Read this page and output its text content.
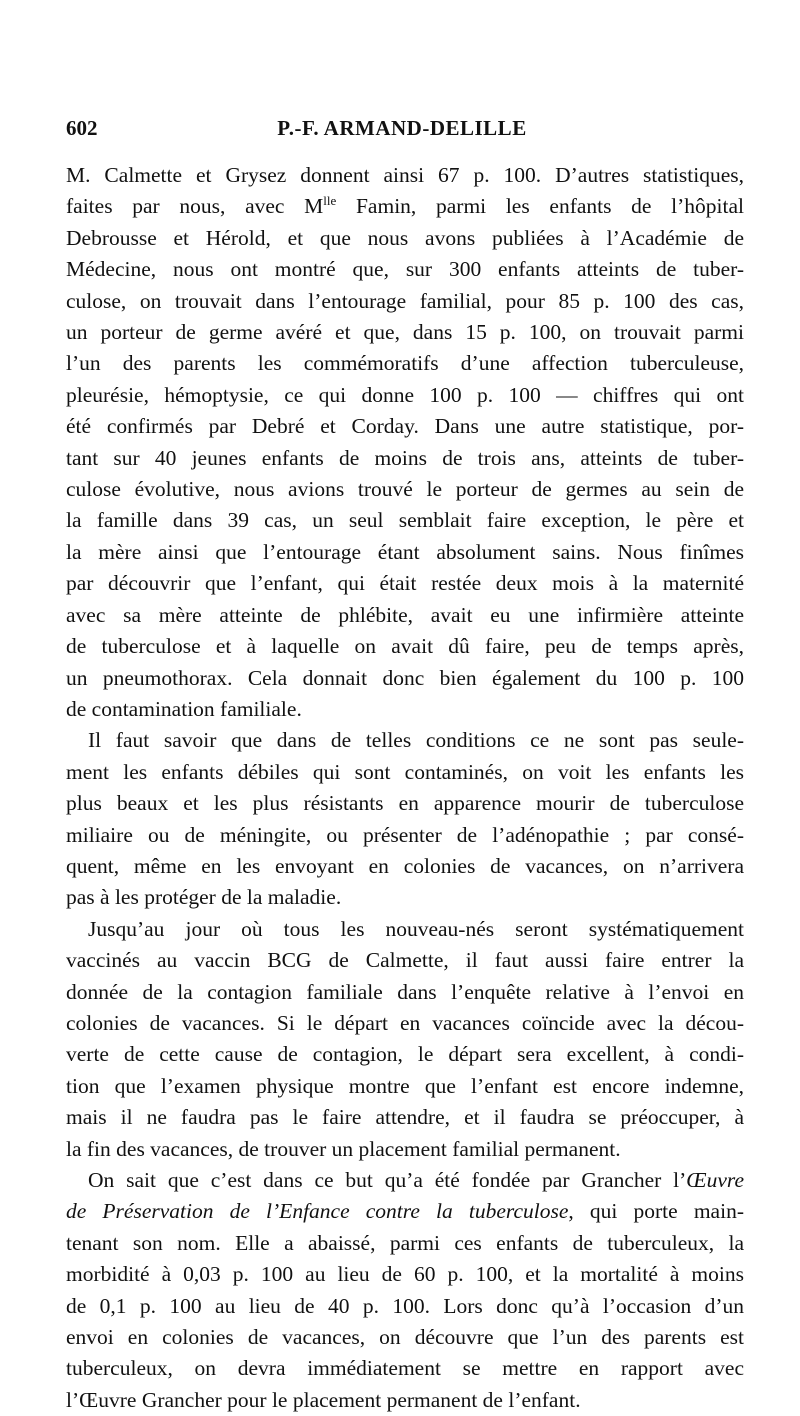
602	P.-F. ARMAND-DELILLE
M. Calmette et Grysez donnent ainsi 67 p. 100. D’autres statistiques,
faites par nous, avec $M^{lle}$ Famin, parmi les enfants de l’hôpital
Debrousse et Hérold, et que nous avons publiées à l’Académie de
Médecine, nous ont montré que, sur 300 enfants atteints de tuber-
culose, on trouvait dans l’entourage familial, pour 85 p. 100 des cas,
un porteur de germe avéré et que, dans 15 p. 100, on trouvait parmi
l’un des parents les commémoratifs d’une affection tuberculeuse,
pleurésie, hémoptysie, ce qui donne 100 p. 100 — chiffres qui ont
été confirmés par Debré et Corday. Dans une autre statistique, por-
tant sur 40 jeunes enfants de moins de trois ans, atteints de tuber-
culose évolutive, nous avions trouvé le porteur de germes au sein de
la famille dans 39 cas, un seul semblait faire exception, le père et
la mère ainsi que l’entourage étant absolument sains. Nous finîmes
par découvrir que l’enfant, qui était restée deux mois à la maternité
avec sa mère atteinte de phlébite, avait eu une infirmière atteinte
de tuberculose et à laquelle on avait dû faire, peu de temps après,
un pneumothorax. Cela donnait donc bien également du 100 p. 100
de contamination familiale.
Il faut savoir que dans de telles conditions ce ne sont pas seule-
ment les enfants débiles qui sont contaminés, on voit les enfants les
plus beaux et les plus résistants en apparence mourir de tuberculose
miliaire ou de méningite, ou présenter de l’adénopathie ; par consé-
quent, même en les envoyant en colonies de vacances, on n’arrivera
pas à les protéger de la maladie.
Jusqu’au jour où tous les nouveau-nés seront systématiquement
vaccinés au vaccin BCG de Calmette, il faut aussi faire entrer la
donnée de la contagion familiale dans l’enquête relative à l’envoi en
colonies de vacances. Si le départ en vacances coïncide avec la décou-
verte de cette cause de contagion, le départ sera excellent, à condi-
tion que l’examen physique montre que l’enfant est encore indemne,
mais il ne faudra pas le faire attendre, et il faudra se préoccuper, à
la fin des vacances, de trouver un placement familial permanent.
On sait que c’est dans ce but qu’a été fondée par Grancher l’Œuvre
de Préservation de l’Enfance contre la tuberculose, qui porte main-
tenant son nom. Elle a abaissé, parmi ces enfants de tuberculeux, la
morbidité à 0,03 p. 100 au lieu de 60 p. 100, et la mortalité à moins
de 0,1 p. 100 au lieu de 40 p. 100. Lors donc qu’à l’occasion d’un
envoi en colonies de vacances, on découvre que l’un des parents est
tuberculeux, on devra immédiatement se mettre en rapport avec
l’Œuvre Grancher pour le placement permanent de l’enfant.
